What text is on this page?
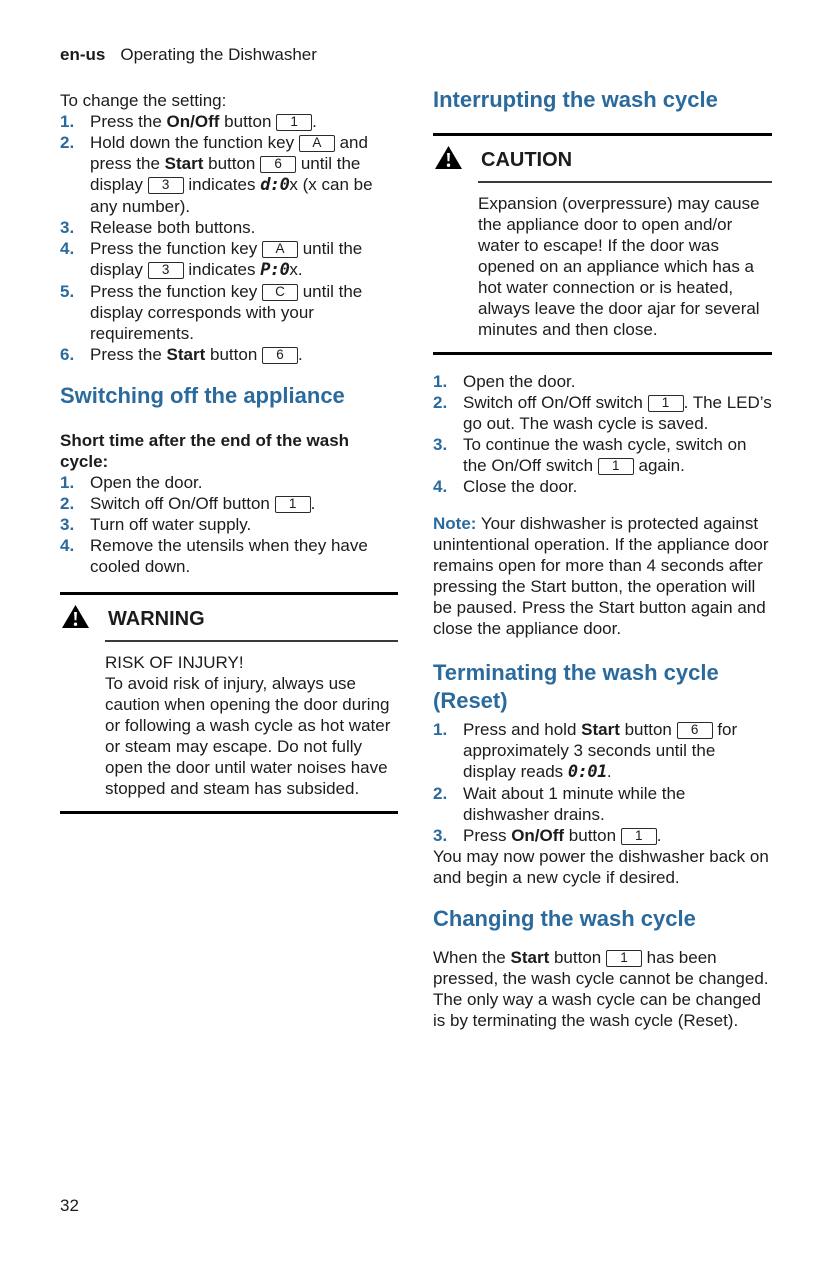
en-us Operating the Dishwasher

To change the setting:

1. Press the On/Off button 1 .
2. Hold down the function key A and press the Start button 6 until the display 3 indicates d:0x (x can be any number).
3. Release both buttons.
4. Press the function key A until the display 3 indicates P:0x.
5. Press the function key C until the display corresponds with your requirements.
6. Press the Start button 6 .
Switching off the appliance

Short time after the end of the wash cycle:

1. Open the door.
2. Switch off On/Off button 1 .
3. Turn off water supply.
4. Remove the utensils when they have cooled down.
WARNING
RISK OF INJURY!
To avoid risk of injury, always use caution when opening the door during or following a wash cycle as hot water or steam may escape. Do not fully open the door until water noises have stopped and steam has subsided.
Interrupting the wash cycle
CAUTION
Expansion (overpressure) may cause the appliance door to open and/or water to escape! If the door was opened on an appliance which has a hot water connection or is heated, always leave the door ajar for several minutes and then close.
1. Open the door.
2. Switch off On/Off switch 1 . The LED’s go out. The wash cycle is saved.
3. To continue the wash cycle, switch on the On/Off switch 1 again.
4. Close the door.

Note: Your dishwasher is protected against unintentional operation. If the appliance door remains open for more than 4 seconds after pressing the Start button, the operation will be paused. Press the Start button again and close the appliance door.

Terminating the wash cycle (Reset)
1. Press and hold Start button 6 for approximately 3 seconds until the display reads 0:01.
2. Wait about 1 minute while the dishwasher drains.
3. Press On/Off button 1 .

You may now power the dishwasher back on and begin a new cycle if desired.

Changing the wash cycle

When the Start button 1 has been pressed, the wash cycle cannot be changed. The only way a wash cycle can be changed is by terminating the wash cycle (Reset).

32
